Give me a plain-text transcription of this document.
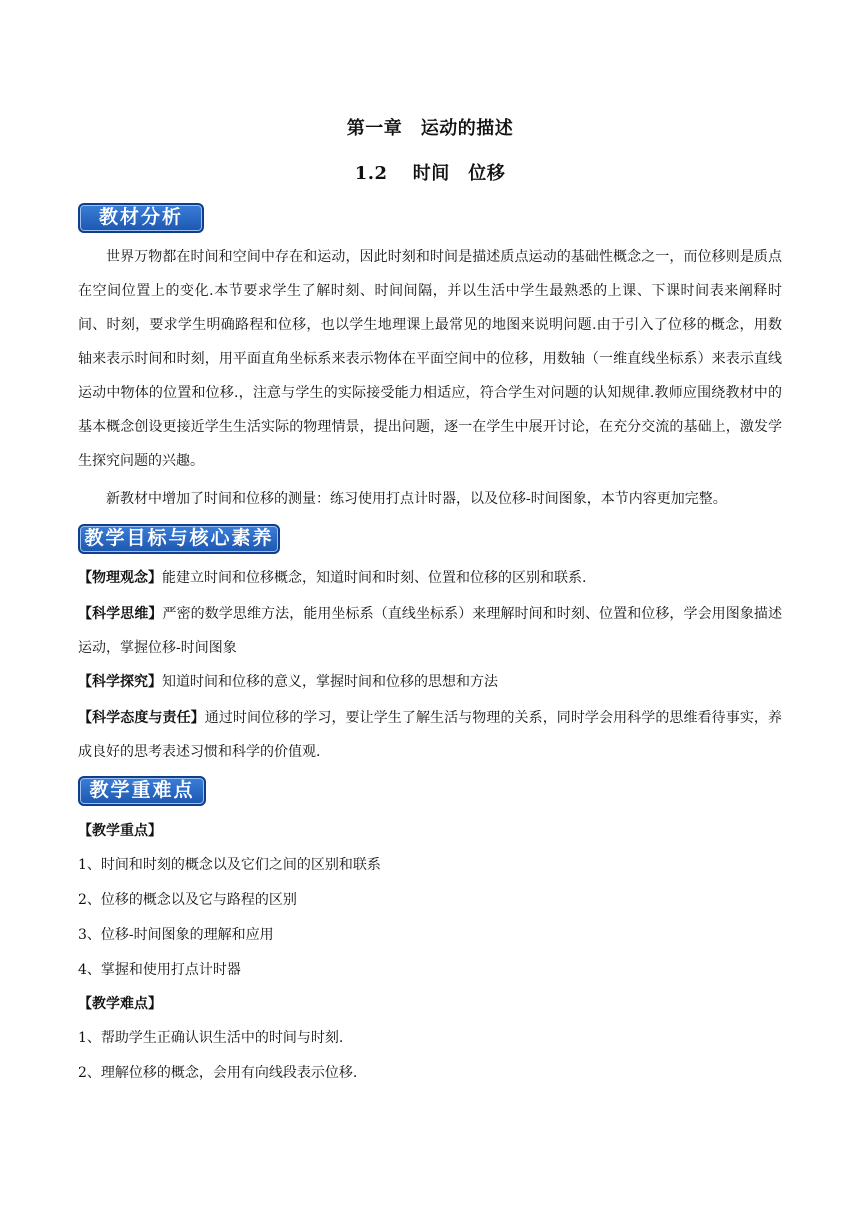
第一章　运动的描述
1.2　 时间　位移
教材分析

世界万物都在时间和空间中存在和运动，因此时刻和时间是描述质点运动的基础性概念之一，而位移则是质点在空间位置上的变化.本节要求学生了解时刻、时间间隔，并以生活中学生最熟悉的上课、下课时间表来阐释时间、时刻，要求学生明确路程和位移，也以学生地理课上最常见的地图来说明问题.由于引入了位移的概念，用数轴来表示时间和时刻，用平面直角坐标系来表示物体在平面空间中的位移，用数轴（一维直线坐标系）来表示直线运动中物体的位置和位移.，注意与学生的实际接受能力相适应，符合学生对问题的认知规律.教师应围绕教材中的基本概念创设更接近学生生活实际的物理情景，提出问题，逐一在学生中展开讨论，在充分交流的基础上，激发学生探究问题的兴趣。

新教材中增加了时间和位移的测量：练习使用打点计时器，以及位移-时间图象，本节内容更加完整。

教学目标与核心素养

【物理观念】能建立时间和位移概念，知道时间和时刻、位置和位移的区别和联系.

【科学思维】严密的数学思维方法，能用坐标系（直线坐标系）来理解时间和时刻、位置和位移，学会用图象描述运动，掌握位移-时间图象

【科学探究】知道时间和位移的意义，掌握时间和位移的思想和方法

【科学态度与责任】通过时间位移的学习，要让学生了解生活与物理的关系，同时学会用科学的思维看待事实，养成良好的思考表述习惯和科学的价值观.

教学重难点

【教学重点】

1、时间和时刻的概念以及它们之间的区别和联系

2、位移的概念以及它与路程的区别

3、位移-时间图象的理解和应用

4、掌握和使用打点计时器

【教学难点】

1、帮助学生正确认识生活中的时间与时刻.

2、理解位移的概念，会用有向线段表示位移.
